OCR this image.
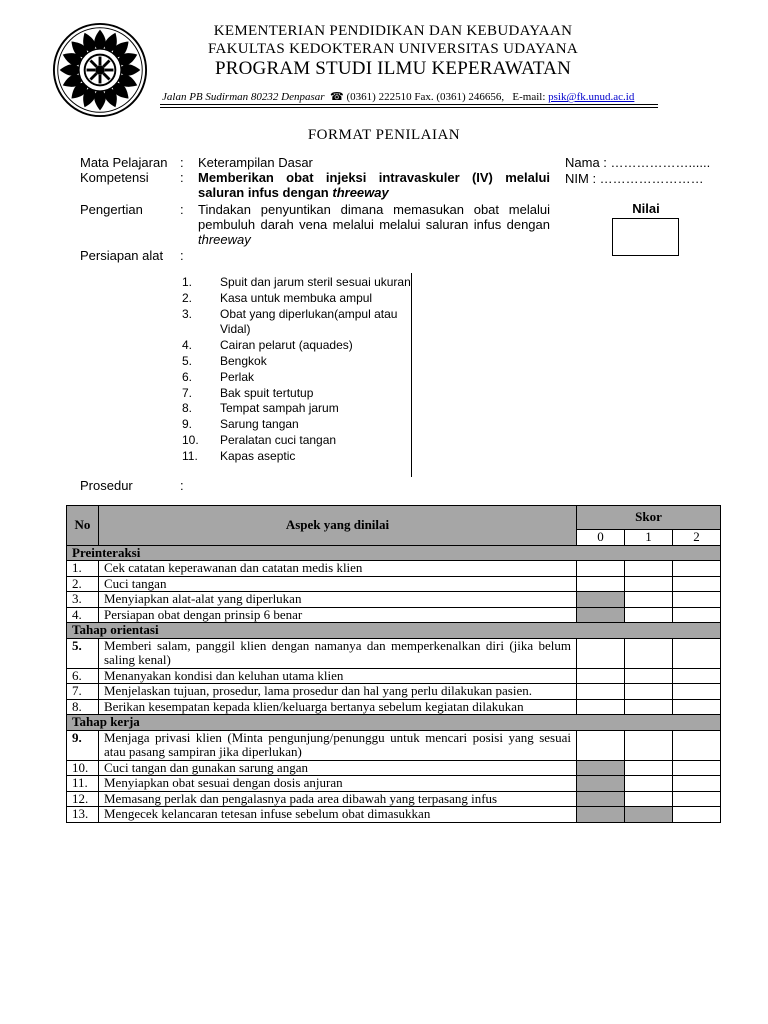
KEMENTERIAN PENDIDIKAN DAN KEBUDAYAAN
FAKULTAS KEDOKTERAN UNIVERSITAS UDAYANA
PROGRAM STUDI ILMU KEPERAWATAN
Jalan PB Sudirman 80232 Denpasar  ☎ (0361) 222510 Fax. (0361) 246656, E-mail: psik@fk.unud.ac.id
FORMAT PENILAIAN
Mata Pelajaran : Keterampilan Dasar
Kompetensi : Memberikan obat injeksi intravaskuler (IV) melalui saluran infus dengan threeway
Pengertian	: Tindakan penyuntikan dimana memasukan obat melalui pembuluh darah vena melalui melalui saluran infus dengan threeway
Persiapan alat :
Nama : ………………......
NIM : ……………………
Nilai
1.	Spuit dan jarum steril sesuai ukuran
2.	Kasa untuk membuka ampul
3.	Obat yang diperlukan(ampul atau Vidal)
4.	Cairan pelarut (aquades)
5.	Bengkok
6.	Perlak
7.	Bak spuit tertutup
8.	Tempat sampah jarum
9.	Sarung tangan
10.	Peralatan cuci tangan
11.	Kapas aseptic
Prosedur	:
No	Aspek yang dinilai	Skor		
		0	1	2
Preinteraksi				
1.	Cek catatan keperawanan dan catatan medis klien			
2.	Cuci tangan			
3.	Menyiapkan alat-alat yang diperlukan			
4.	Persiapan obat dengan prinsip 6 benar			
Tahap orientasi				
5.	Memberi salam, panggil klien dengan namanya dan memperkenalkan diri (jika belum saling kenal)			
6.	Menanyakan kondisi dan keluhan utama klien			
7.	Menjelaskan tujuan, prosedur, lama prosedur dan hal yang perlu dilakukan pasien.			
8.	Berikan kesempatan kepada klien/keluarga bertanya sebelum kegiatan dilakukan			
Tahap kerja				
9.	Menjaga privasi klien (Minta pengunjung/penunggu untuk mencari posisi yang sesuai atau pasang sampiran jika diperlukan)			
10.	Cuci tangan dan gunakan sarung angan			
11.	Menyiapkan obat sesuai dengan dosis anjuran			
12.	Memasang perlak dan pengalasnya pada area dibawah yang terpasang infus			
13.	Mengecek kelancaran tetesan infuse sebelum obat dimasukkan			
